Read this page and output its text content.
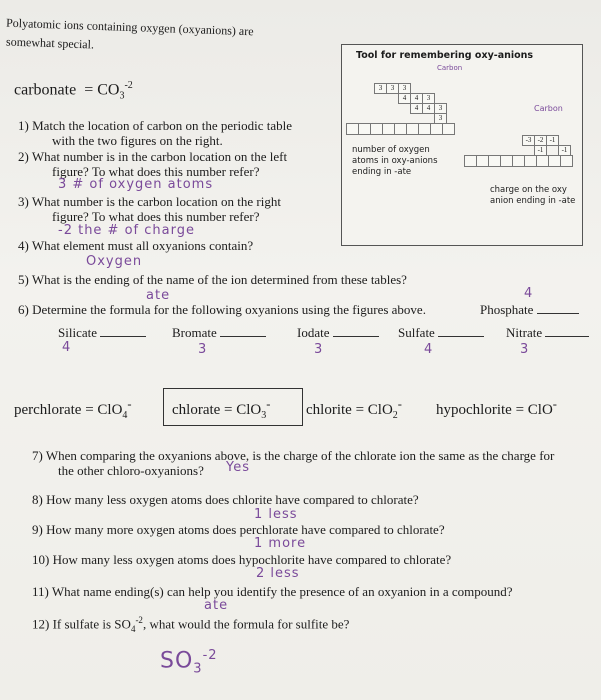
Polyatomic ions containing oxygen (oxyanions) are
somewhat special.
carbonate = $CO_3^{-2}$
Tool for remembering oxy-anions
Carbon
3	3	3
4	4	3
4	4	3
3
number of oxygen
atoms in oxy-anions
ending in -ate
Carbon
-3 -2 -1
-1	-1
charge on the oxy
anion ending in -ate
1) Match the location of carbon on the periodic table
with the two figures on the right.
2) What number is in the carbon location on the left
figure? To what does this number refer?
3 # of oxygen atoms
3) What number is the carbon location on the right
figure? To what does this number refer?
-2 the # of charge
4) What element must all oxyanions contain?
Oxygen
5) What is the ending of the name of the ion determined from these tables?
ate
6) Determine the formula for the following oxyanions using the figures above.	Phosphate
4
Silicate	Bromate	Iodate	Sulfate	Nitrate
4	3	3	4	3
perchlorate = ClO$_4$-	chlorate = ClO$_3$- chlorite = ClO$_2$- hypochlorite = ClO-
7) When comparing the oxyanions above, is the charge of the chlorate ion the same as the charge for
the other chloro-oxyanions? Yes
8) How many less oxygen atoms does chlorite have compared to chlorate?
1 less
9) How many more oxygen atoms does perchlorate have compared to chlorate?
1 more
10) How many less oxygen atoms does hypochlorite have compared to chlorate?
2 less
11) What name ending(s) can help you identify the presence of an oxyanion in a compound?
ate
12) If sulfate is $SO_4^{-2}$, what would the formula for sulfite be?
$SO_3^{-2}$
